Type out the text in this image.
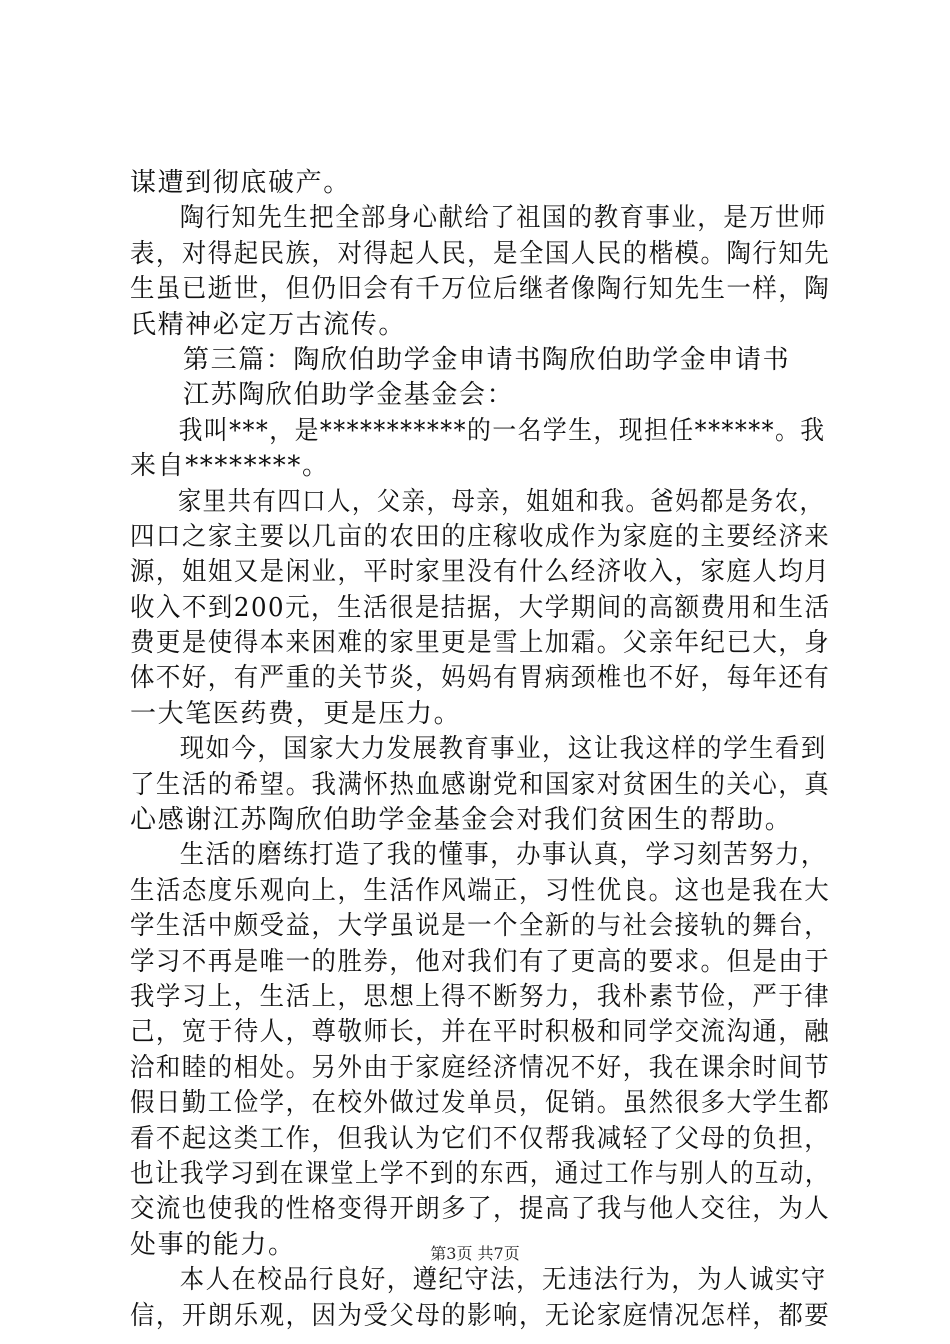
谋遭到彻底破产。
陶行知先生把全部身心献给了祖国的教育事业，是万世师
表，对得起民族，对得起人民，是全国人民的楷模。陶行知先
生虽已逝世，但仍旧会有千万位后继者像陶行知先生一样，陶
氏精神必定万古流传。
第三篇：陶欣伯助学金申请书陶欣伯助学金申请书
江苏陶欣伯助学金基金会：
我叫***，是***********的一名学生，现担任******。我
来自********。
家里共有四口人，父亲，母亲，姐姐和我。爸妈都是务农，
四口之家主要以几亩的农田的庄稼收成作为家庭的主要经济来
源，姐姐又是闲业，平时家里没有什么经济收入，家庭人均月
收入不到200元，生活很是拮据，大学期间的高额费用和生活
费更是使得本来困难的家里更是雪上加霜。父亲年纪已大，身
体不好，有严重的关节炎，妈妈有胃病颈椎也不好，每年还有
一大笔医药费，更是压力。
现如今，国家大力发展教育事业，这让我这样的学生看到
了生活的希望。我满怀热血感谢党和国家对贫困生的关心，真
心感谢江苏陶欣伯助学金基金会对我们贫困生的帮助。
生活的磨练打造了我的懂事，办事认真，学习刻苦努力，
生活态度乐观向上，生活作风端正，习性优良。这也是我在大
学生活中颇受益，大学虽说是一个全新的与社会接轨的舞台，
学习不再是唯一的胜券，他对我们有了更高的要求。但是由于
我学习上，生活上，思想上得不断努力，我朴素节俭，严于律
己，宽于待人，尊敬师长，并在平时积极和同学交流沟通，融
洽和睦的相处。另外由于家庭经济情况不好，我在课余时间节
假日勤工俭学，在校外做过发单员，促销。虽然很多大学生都
看不起这类工作，但我认为它们不仅帮我减轻了父母的负担，
也让我学习到在课堂上学不到的东西，通过工作与别人的互动，
交流也使我的性格变得开朗多了，提高了我与他人交往，为人
处事的能力。
本人在校品行良好，遵纪守法，无违法行为，为人诚实守
信，开朗乐观，因为受父母的影响，无论家庭情况怎样，都要
第3页 共7页
